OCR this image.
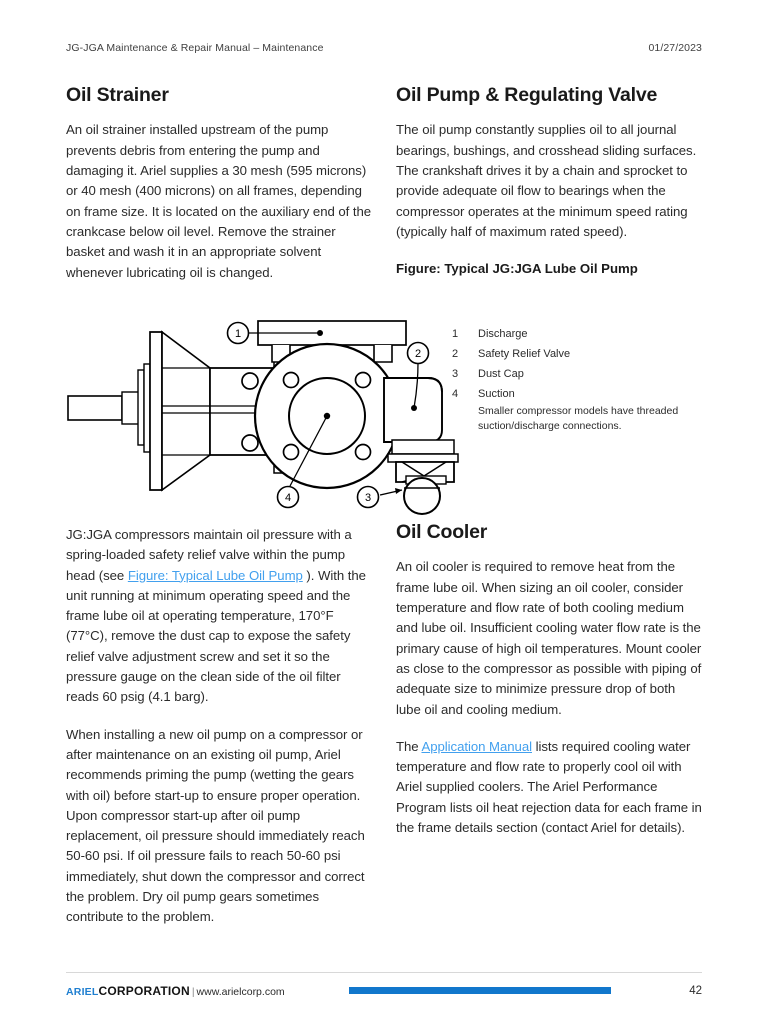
JG-JGA Maintenance & Repair Manual – Maintenance	01/27/2023
Oil Strainer

An oil strainer installed upstream of the pump prevents debris from entering the pump and damaging it. Ariel supplies a 30 mesh (595 microns) or 40 mesh (400 microns) on all frames, depending on frame size. It is located on the auxiliary end of the crankcase below oil level. Remove the strainer basket and wash it in an appropriate solvent whenever lubricating oil is changed.

Oil Pump & Regulating Valve

The oil pump constantly supplies oil to all journal bearings, bushings, and crosshead sliding surfaces. The crankshaft drives it by a chain and sprocket to provide adequate oil flow to bearings when the compressor operates at the minimum speed rating (typically half of maximum rated speed).

Figure: Typical JG:JGA Lube Oil Pump

1	Discharge
2	Safety Relief Valve
3	Dust Cap
4	Suction
Smaller compressor models have threaded suction/discharge connections.
1
2
3
4

JG:JGA compressors maintain oil pressure with a spring-loaded safety relief valve within the pump head (see Figure: Typical Lube Oil Pump ). With the unit running at minimum operating speed and the frame lube oil at operating temperature, 170°F (77°C), remove the dust cap to expose the safety relief valve adjustment screw and set it so the pressure gauge on the clean side of the oil filter reads 60 psig (4.1 barg).

When installing a new oil pump on a compressor or after maintenance on an existing oil pump, Ariel recommends priming the pump (wetting the gears with oil) before start-up to ensure proper operation. Upon compressor start-up after oil pump replacement, oil pressure should immediately reach 50-60 psi. If oil pressure fails to reach 50-60 psi immediately, shut down the compressor and correct the problem. Dry oil pump gears sometimes contribute to the problem.

Oil Cooler

An oil cooler is required to remove heat from the frame lube oil. When sizing an oil cooler, consider temperature and flow rate of both cooling medium and lube oil. Insufficient cooling water flow rate is the primary cause of high oil temperatures. Mount cooler as close to the compressor as possible with piping of adequate size to minimize pressure drop of both lube oil and cooling medium.

The Application Manual lists required cooling water temperature and flow rate to properly cool oil with Ariel supplied coolers. The Ariel Performance Program lists oil heat rejection data for each frame in the frame details section (contact Ariel for details).

ARIELCORPORATION | www.arielcorp.com	42
